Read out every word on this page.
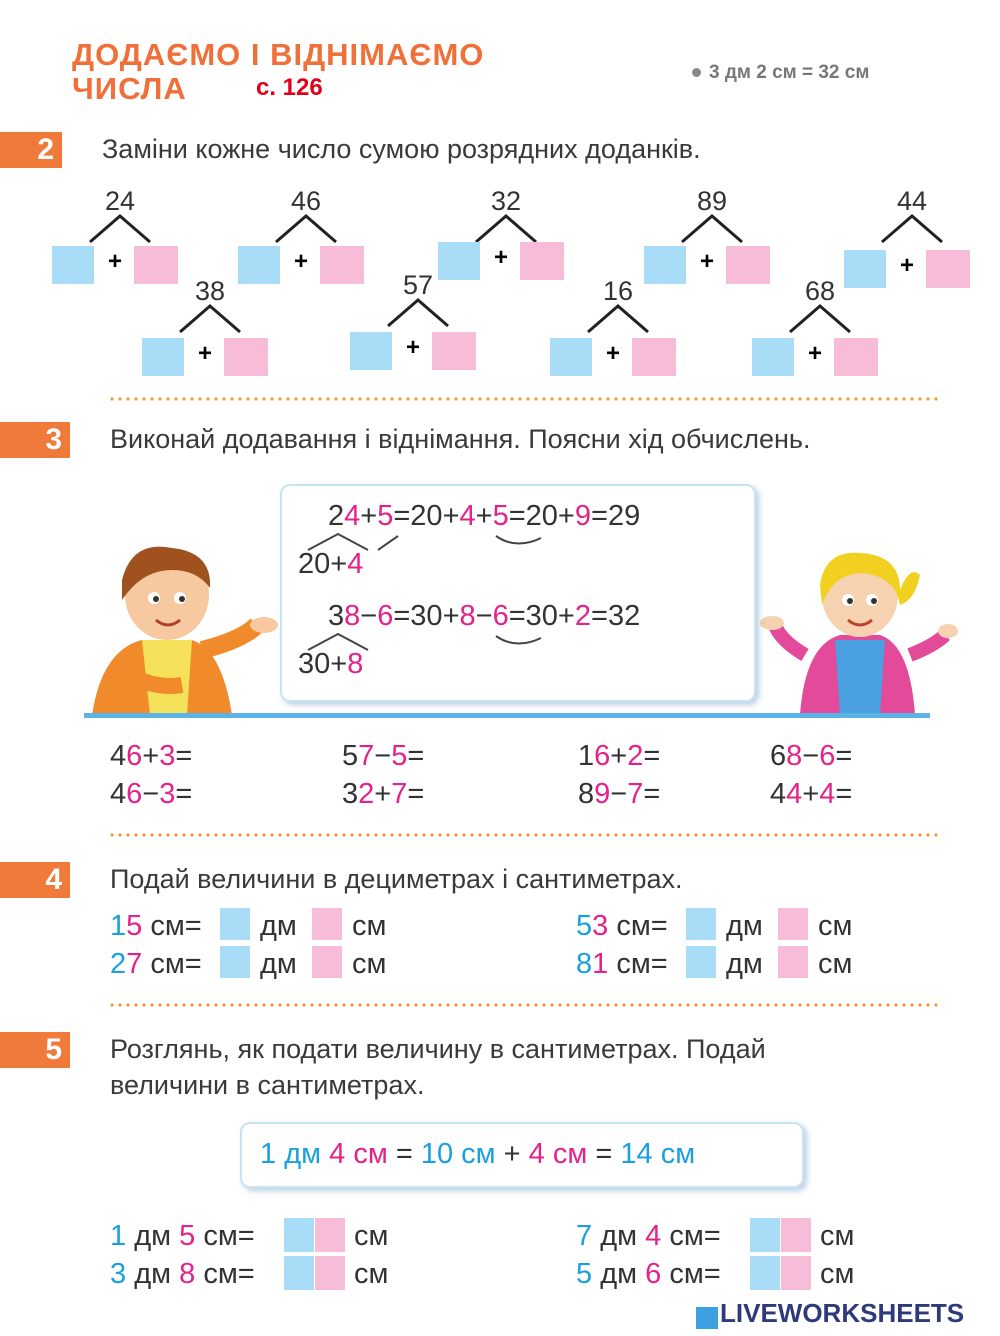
ДОДАЄМО І ВІДНІМАЄМО
ЧИСЛА	с. 126
3 дм 2 см = 32 см
2 Заміни кожне число сумою розрядних доданків.
24
+
46
+
32
+
89
+
44
+
38
+
57
+
16
+
68
+
3 Виконай додавання і віднімання. Поясни хід обчислень.
24+5=20+4+5=20+9=29
20+4
38−6=30+8−6=30+2=32
30+8
46+3=	57−5=	16+2=	68−6=
46−3=	32+7=	89−7=	44+4=
4 Подай величини в дециметрах і сантиметрах.
15 см= дм см	53 см= дм см
27 см= дм см	81 см= дм см
5 Розглянь, як подати величину в сантиметрах. Подай
величини в сантиметрах.
1 дм 4 см = 10 см + 4 см = 14 см
1 дм 5 см=	см	7 дм 4 см=	см
3 дм 8 см=	см	5 дм 6 см=	см
LIVEWORKSHEETS
